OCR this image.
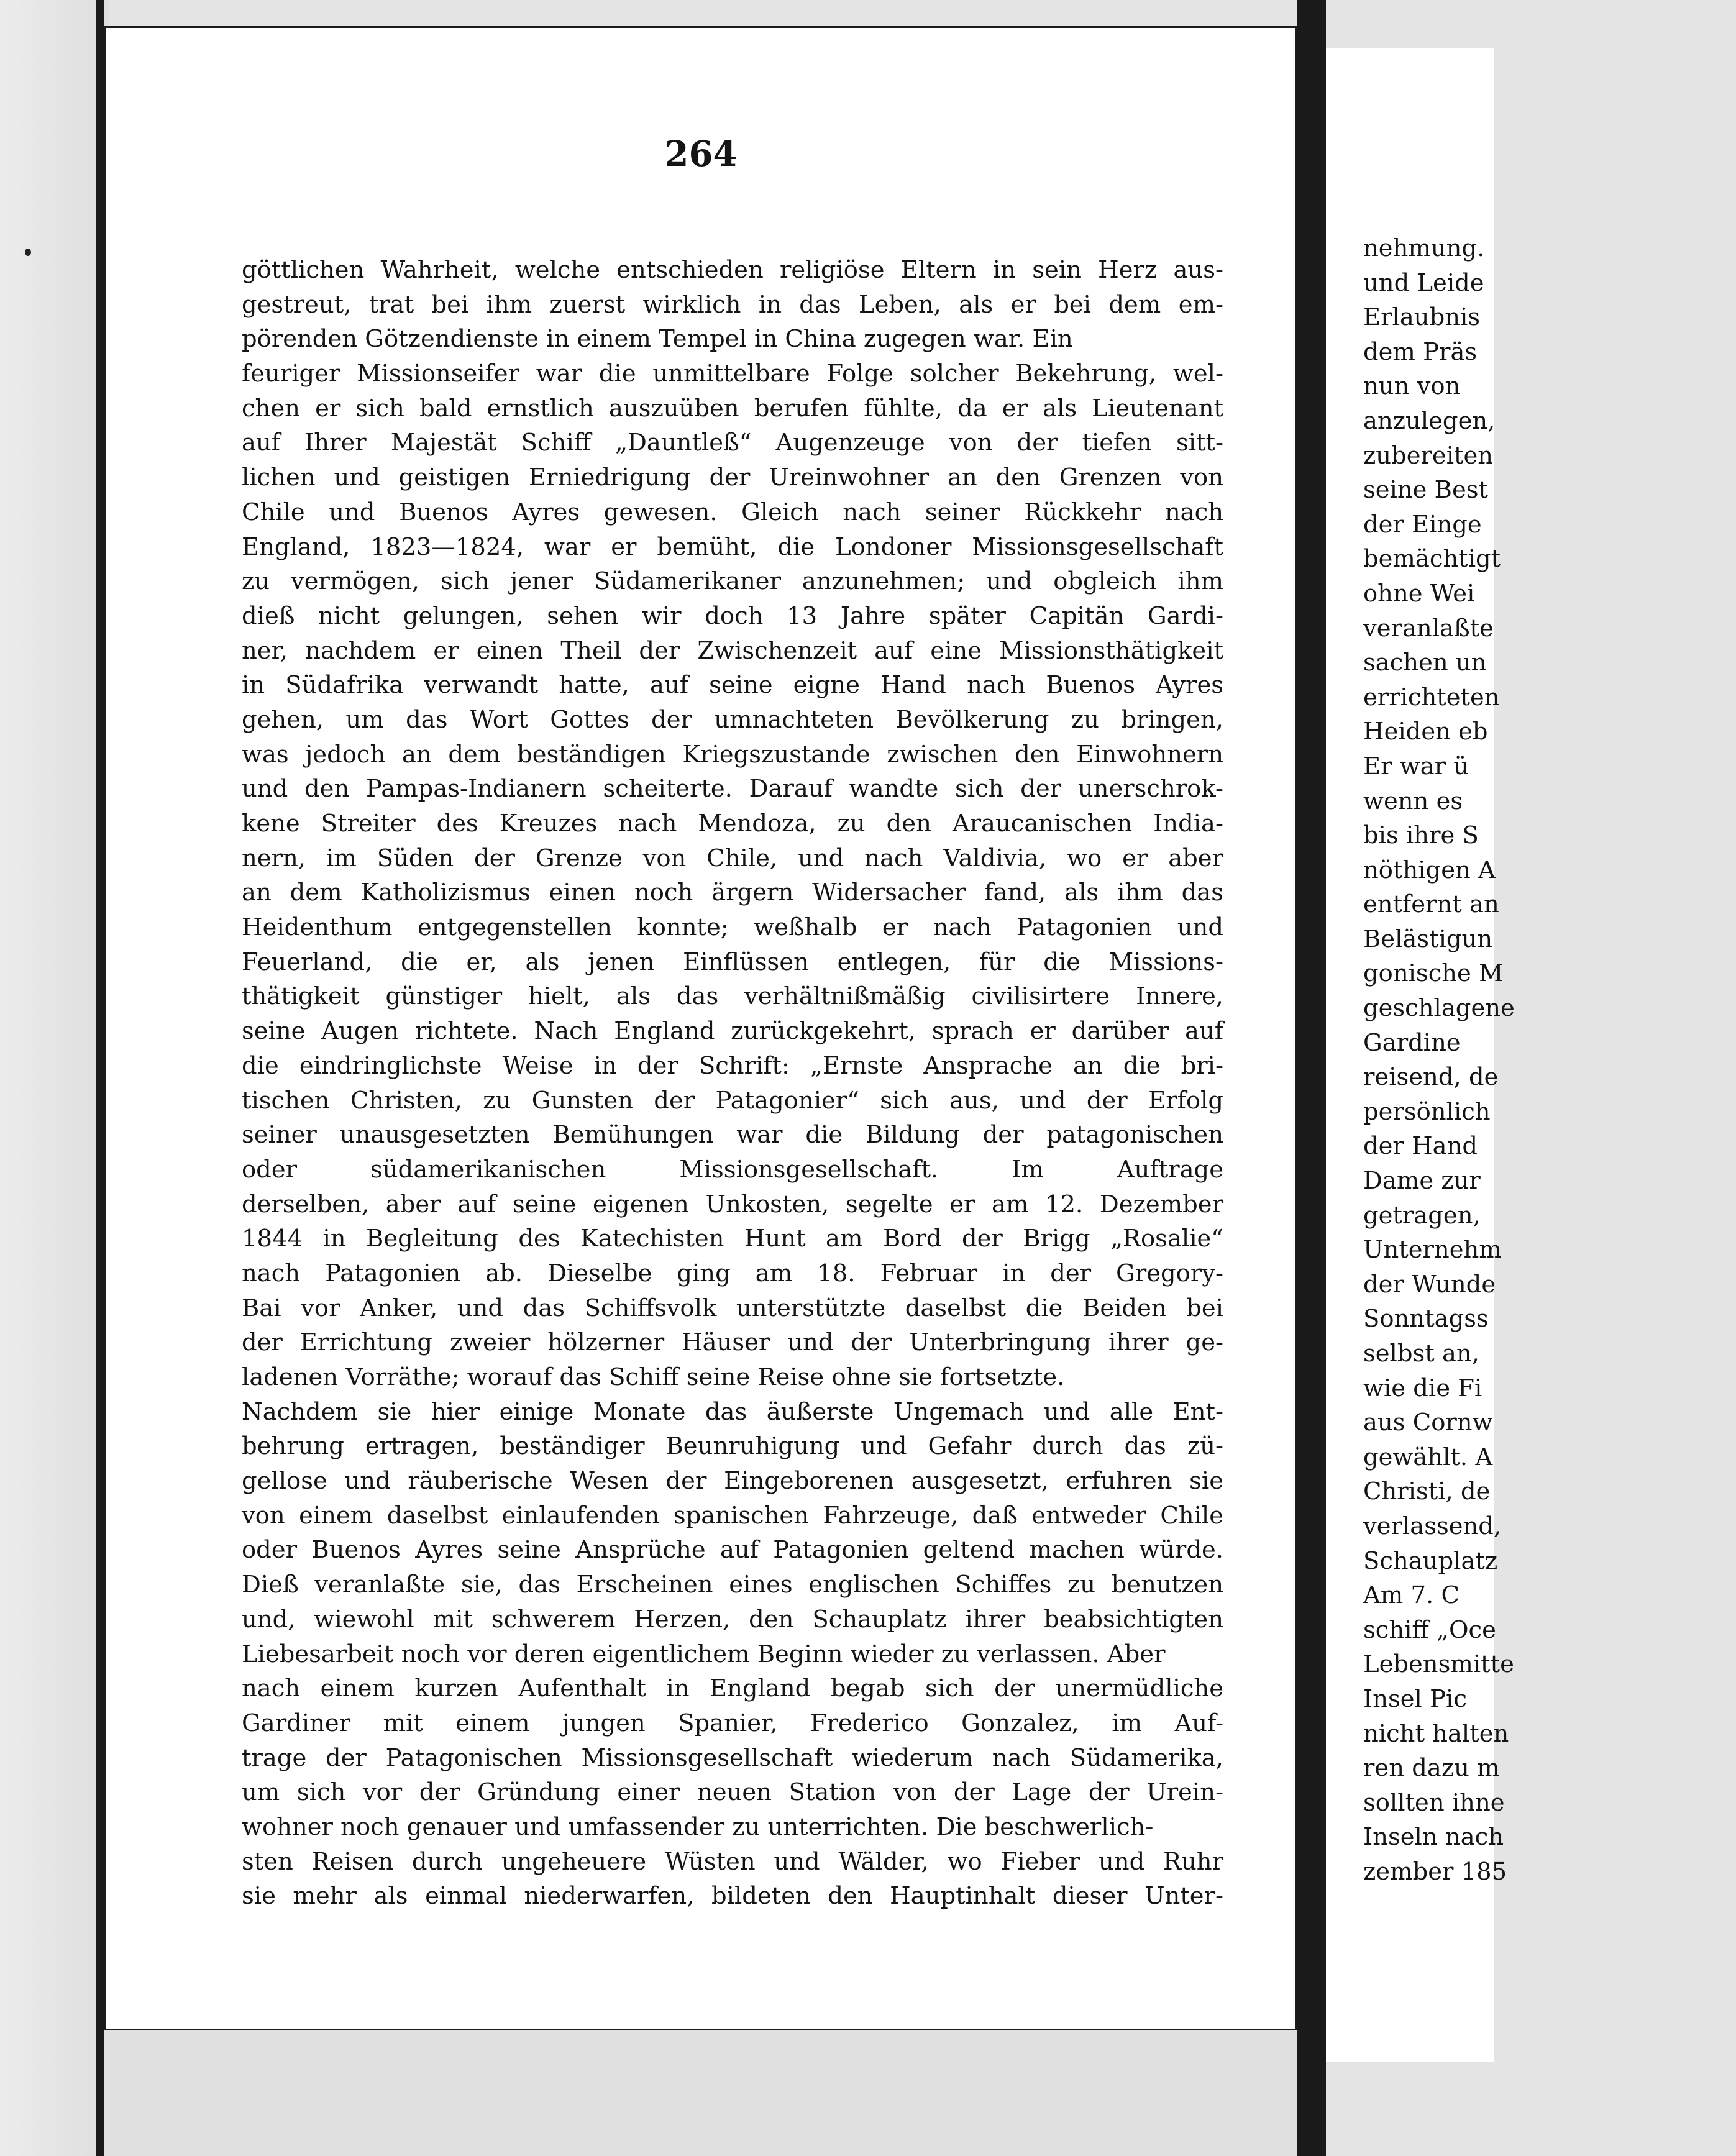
264
göttlichen Wahrheit, welche entschieden religiöse Eltern in sein Herz aus-
gestreut, trat bei ihm zuerst wirklich in das Leben, als er bei dem em-
pörenden Götzendienste in einem Tempel in China zugegen war. Ein
feuriger Missionseifer war die unmittelbare Folge solcher Bekehrung, wel-
chen er sich bald ernstlich auszuüben berufen fühlte, da er als Lieutenant
auf Ihrer Majestät Schiff „Dauntleß“ Augenzeuge von der tiefen sitt-
lichen und geistigen Erniedrigung der Ureinwohner an den Grenzen von
Chile und Buenos Ayres gewesen. Gleich nach seiner Rückkehr nach
England, 1823—1824, war er bemüht, die Londoner Missionsgesellschaft
zu vermögen, sich jener Südamerikaner anzunehmen; und obgleich ihm
dieß nicht gelungen, sehen wir doch 13 Jahre später Capitän Gardi-
ner, nachdem er einen Theil der Zwischenzeit auf eine Missionsthätigkeit
in Südafrika verwandt hatte, auf seine eigne Hand nach Buenos Ayres
gehen, um das Wort Gottes der umnachteten Bevölkerung zu bringen,
was jedoch an dem beständigen Kriegszustande zwischen den Einwohnern
und den Pampas-Indianern scheiterte. Darauf wandte sich der unerschrok-
kene Streiter des Kreuzes nach Mendoza, zu den Araucanischen India-
nern, im Süden der Grenze von Chile, und nach Valdivia, wo er aber
an dem Katholizismus einen noch ärgern Widersacher fand, als ihm das
Heidenthum entgegenstellen konnte; weßhalb er nach Patagonien und
Feuerland, die er, als jenen Einflüssen entlegen, für die Missions-
thätigkeit günstiger hielt, als das verhältnißmäßig civilisirtere Innere,
seine Augen richtete. Nach England zurückgekehrt, sprach er darüber auf
die eindringlichste Weise in der Schrift: „Ernste Ansprache an die bri-
tischen Christen, zu Gunsten der Patagonier“ sich aus, und der Erfolg
seiner unausgesetzten Bemühungen war die Bildung der patagonischen
oder südamerikanischen Missionsgesellschaft. Im Auftrage
derselben, aber auf seine eigenen Unkosten, segelte er am 12. Dezember
1844 in Begleitung des Katechisten Hunt am Bord der Brigg „Rosalie“
nach Patagonien ab. Dieselbe ging am 18. Februar in der Gregory-
Bai vor Anker, und das Schiffsvolk unterstützte daselbst die Beiden bei
der Errichtung zweier hölzerner Häuser und der Unterbringung ihrer ge-
ladenen Vorräthe; worauf das Schiff seine Reise ohne sie fortsetzte.
Nachdem sie hier einige Monate das äußerste Ungemach und alle Ent-
behrung ertragen, beständiger Beunruhigung und Gefahr durch das zü-
gellose und räuberische Wesen der Eingeborenen ausgesetzt, erfuhren sie
von einem daselbst einlaufenden spanischen Fahrzeuge, daß entweder Chile
oder Buenos Ayres seine Ansprüche auf Patagonien geltend machen würde.
Dieß veranlaßte sie, das Erscheinen eines englischen Schiffes zu benutzen
und, wiewohl mit schwerem Herzen, den Schauplatz ihrer beabsichtigten
Liebesarbeit noch vor deren eigentlichem Beginn wieder zu verlassen. Aber
nach einem kurzen Aufenthalt in England begab sich der unermüdliche
Gardiner mit einem jungen Spanier, Frederico Gonzalez, im Auf-
trage der Patagonischen Missionsgesellschaft wiederum nach Südamerika,
um sich vor der Gründung einer neuen Station von der Lage der Urein-
wohner noch genauer und umfassender zu unterrichten. Die beschwerlich-
sten Reisen durch ungeheuere Wüsten und Wälder, wo Fieber und Ruhr
sie mehr als einmal niederwarfen, bildeten den Hauptinhalt dieser Unter-
nehmung.
und Leide
Erlaubnis
dem Präs
nun von
anzulegen,
zubereiten
seine Best
der Einge
bemächtigt
ohne Wei
veranlaßte
sachen un
errichteten
Heiden eb
Er war ü
wenn es
bis ihre S
nöthigen A
entfernt an
Belästigun
gonische M
geschlagene
Gardine
reisend, de
persönlich
der Hand
Dame zur
getragen,
Unternehm
der Wunde
Sonntagss
selbst an,
wie die Fi
aus Cornw
gewählt. A
Christi, de
verlassend,
Schauplatz
Am 7. C
schiff „Oce
Lebensmitte
Insel Pic
nicht halten
ren dazu m
sollten ihne
Inseln nach
zember 185
